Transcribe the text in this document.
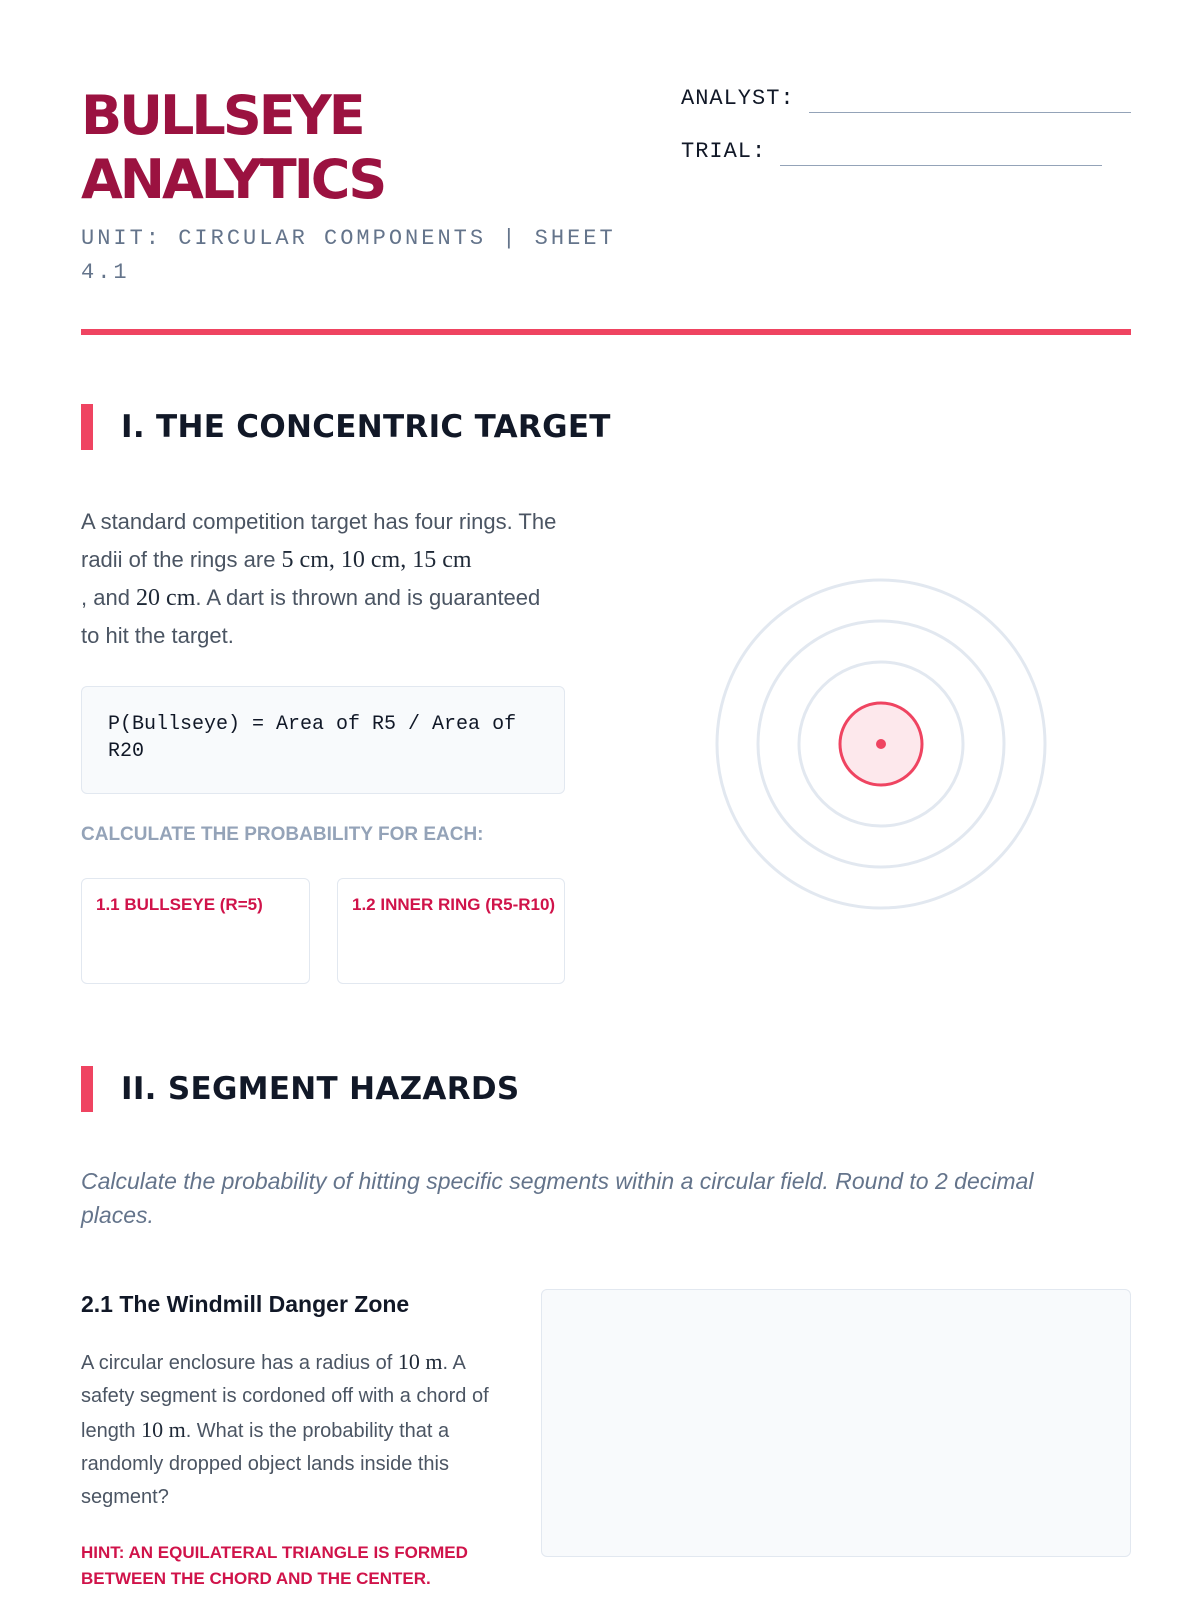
BULLSEYE
ANALYTICS
UNIT: CIRCULAR COMPONENTS | SHEET 4.1
ANALYST:
TRIAL:
I. THE CONCENTRIC TARGET
A standard competition target has four rings. The radii of the rings are 5 cm, 10 cm, 15 cm
, and 20 cm. A dart is thrown and is guaranteed to hit the target.
P(Bullseye) = Area of R5 / Area of R20
CALCULATE THE PROBABILITY FOR EACH:
1.1 BULLSEYE (R=5)	1.2 INNER RING (R5-R10)
II. SEGMENT HAZARDS
Calculate the probability of hitting specific segments within a circular field. Round to 2 decimal places.
2.1 The Windmill Danger Zone
A circular enclosure has a radius of 10 m. A safety segment is cordoned off with a chord of length 10 m. What is the probability that a randomly dropped object lands inside this segment?
HINT: AN EQUILATERAL TRIANGLE IS FORMED BETWEEN THE CHORD AND THE CENTER.
